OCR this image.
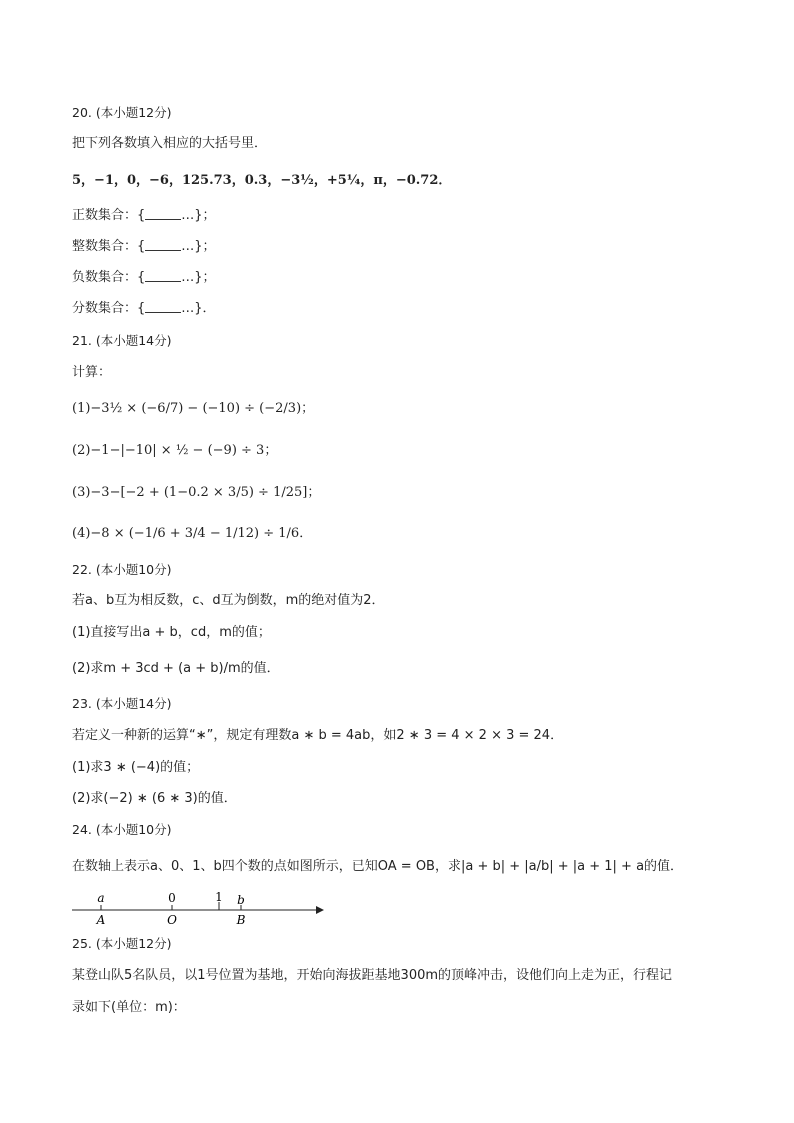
20. (本小题12分)
把下列各数填入相应的大括号里．
5，−1，0，−6，125.73，0.3，−3½，+5¼，π，−0.72．
正数集合：{	…}；
整数集合：{	…}；
负数集合：{	…}；
分数集合：{	…}．
21. (本小题14分)
计算：
(1)−3½ × (−6/7) − (−10) ÷ (−2/3)；
(2)−1−|−10| × ½ − (−9) ÷ 3；
(3)−3−[−2 + (1−0.2 × 3/5) ÷ 1/25]；
(4)−8 × (−1/6 + 3/4 − 1/12) ÷ 1/6．
22. (本小题10分)
若a、b互为相反数，c、d互为倒数，m的绝对值为2．
(1)直接写出a + b，cd，m的值；
(2)求m + 3cd + (a + b)/m的值．
23. (本小题14分)
若定义一种新的运算“∗”，规定有理数a ∗ b = 4ab，如2 ∗ 3 = 4 × 2 × 3 = 24．
(1)求3 ∗ (−4)的值；
(2)求(−2) ∗ (6 ∗ 3)的值．
24. (本小题10分)
在数轴上表示a、0、1、b四个数的点如图所示，已知OA = OB，求|a + b| + |a/b| + |a + 1| + a的值．
a	0	1 b
A	O	B
25. (本小题12分)
某登山队5名队员，以1号位置为基地，开始向海拔距基地300m的顶峰冲击，设他们向上走为正，行程记
录如下(单位：m)：
